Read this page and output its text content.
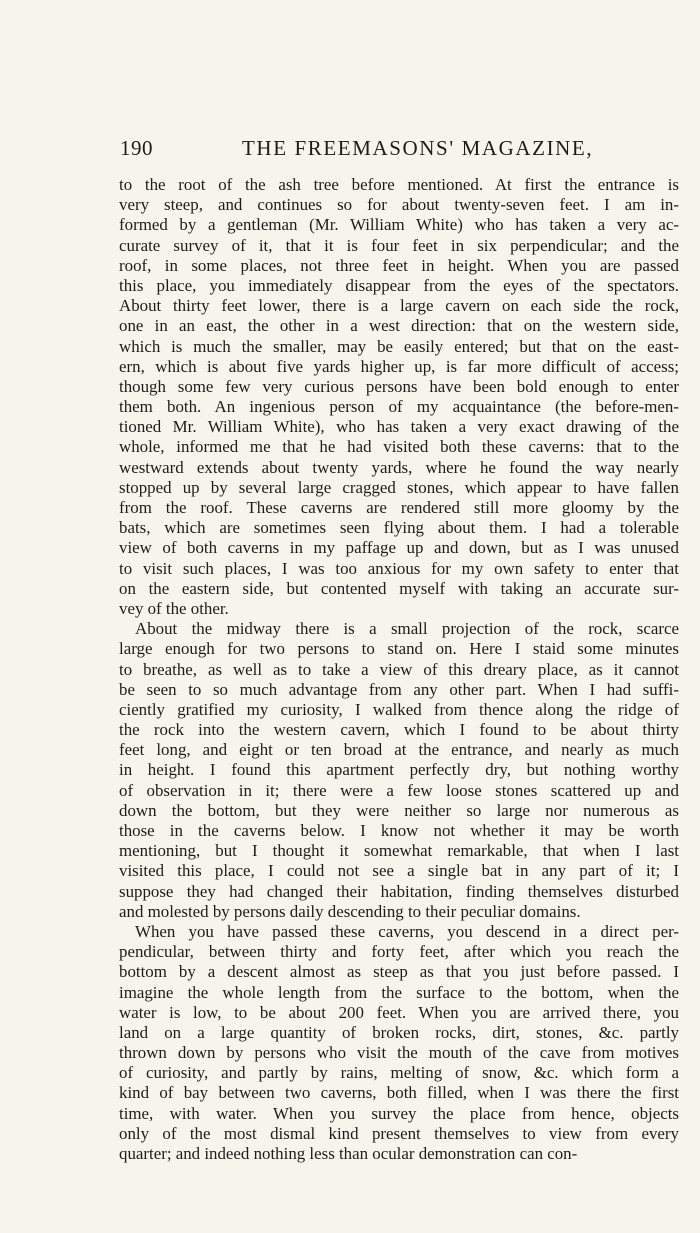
190	THE FREEMASONS' MAGAZINE,
to the root of the ash tree before mentioned. At first the entrance is
very steep, and continues so for about twenty-seven feet. I am in-
formed by a gentleman (Mr. William White) who has taken a very ac-
curate survey of it, that it is four feet in six perpendicular; and the
roof, in some places, not three feet in height. When you are passed
this place, you immediately disappear from the eyes of the spectators.
About thirty feet lower, there is a large cavern on each side the rock,
one in an east, the other in a west direction: that on the western side,
which is much the smaller, may be easily entered; but that on the east-
ern, which is about five yards higher up, is far more difficult of access;
though some few very curious persons have been bold enough to enter
them both. An ingenious person of my acquaintance (the before-men-
tioned Mr. William White), who has taken a very exact drawing of the
whole, informed me that he had visited both these caverns: that to the
westward extends about twenty yards, where he found the way nearly
stopped up by several large cragged stones, which appear to have fallen
from the roof. These caverns are rendered still more gloomy by the
bats, which are sometimes seen flying about them. I had a tolerable
view of both caverns in my paffage up and down, but as I was unused
to visit such places, I was too anxious for my own safety to enter that
on the eastern side, but contented myself with taking an accurate sur-
vey of the other.
About the midway there is a small projection of the rock, scarce
large enough for two persons to stand on. Here I staid some minutes
to breathe, as well as to take a view of this dreary place, as it cannot
be seen to so much advantage from any other part. When I had suffi-
ciently gratified my curiosity, I walked from thence along the ridge of
the rock into the western cavern, which I found to be about thirty
feet long, and eight or ten broad at the entrance, and nearly as much
in height. I found this apartment perfectly dry, but nothing worthy
of observation in it; there were a few loose stones scattered up and
down the bottom, but they were neither so large nor numerous as
those in the caverns below. I know not whether it may be worth
mentioning, but I thought it somewhat remarkable, that when I last
visited this place, I could not see a single bat in any part of it; I
suppose they had changed their habitation, finding themselves disturbed
and molested by persons daily descending to their peculiar domains.
When you have passed these caverns, you descend in a direct per-
pendicular, between thirty and forty feet, after which you reach the
bottom by a descent almost as steep as that you just before passed. I
imagine the whole length from the surface to the bottom, when the
water is low, to be about 200 feet. When you are arrived there, you
land on a large quantity of broken rocks, dirt, stones, &c. partly
thrown down by persons who visit the mouth of the cave from motives
of curiosity, and partly by rains, melting of snow, &c. which form a
kind of bay between two caverns, both filled, when I was there the first
time, with water. When you survey the place from hence, objects
only of the most dismal kind present themselves to view from every
quarter; and indeed nothing less than ocular demonstration can con-
